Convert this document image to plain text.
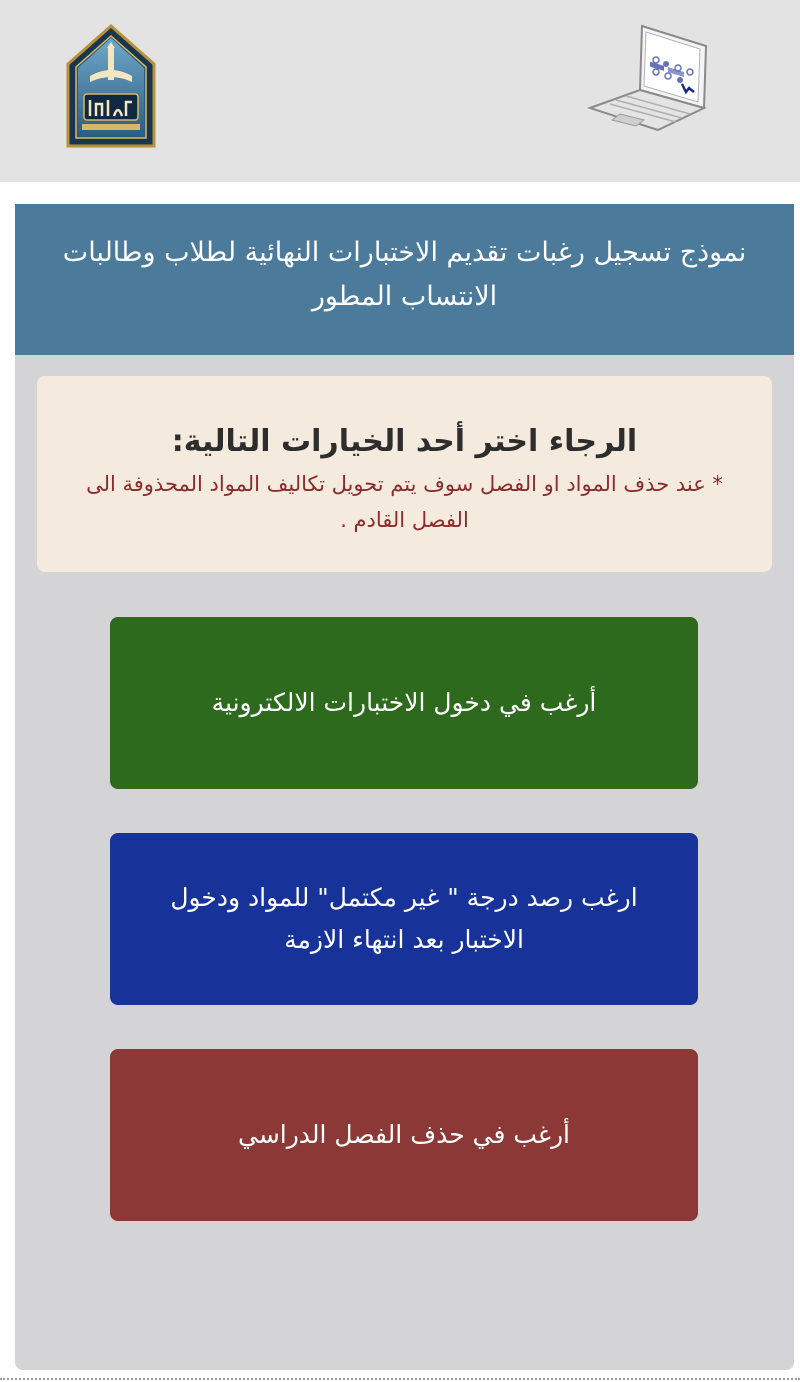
نموذج تسجيل رغبات تقديم الاختبارات النهائية لطلاب وطالبات الانتساب المطور

الرجاء اختر أحد الخيارات التالية:

* عند حذف المواد او الفصل سوف يتم تحويل تكاليف المواد المحذوفة الى الفصل القادم .

أرغب في دخول الاختبارات الالكترونية
ارغب رصد درجة " غير مكتمل" للمواد ودخول الاختبار بعد انتهاء الازمة
أرغب في حذف الفصل الدراسي
